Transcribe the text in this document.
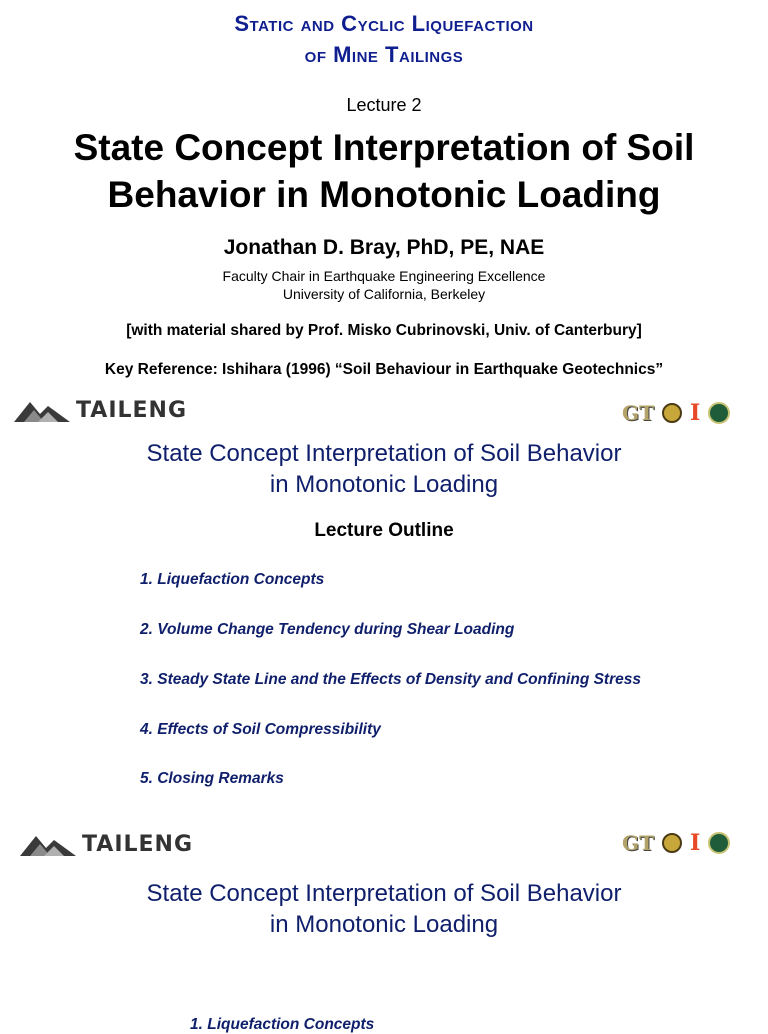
Static and Cyclic Liquefaction
of Mine Tailings
Lecture 2
State Concept Interpretation of Soil
Behavior in Monotonic Loading
Jonathan D. Bray, PhD, PE, NAE
Faculty Chair in Earthquake Engineering Excellence
University of California, Berkeley
[with material shared by Prof. Misko Cubrinovski, Univ. of Canterbury]
Key Reference: Ishihara (1996) “Soil Behaviour in Earthquake Geotechnics”
TAILENG	GT I
State Concept Interpretation of Soil Behavior
in Monotonic Loading
Lecture Outline
1. Liquefaction Concepts
2. Volume Change Tendency during Shear Loading
3. Steady State Line and the Effects of Density and Confining Stress
4. Effects of Soil Compressibility
5. Closing Remarks
TAILENG	GT I
State Concept Interpretation of Soil Behavior
in Monotonic Loading
1. Liquefaction Concepts
